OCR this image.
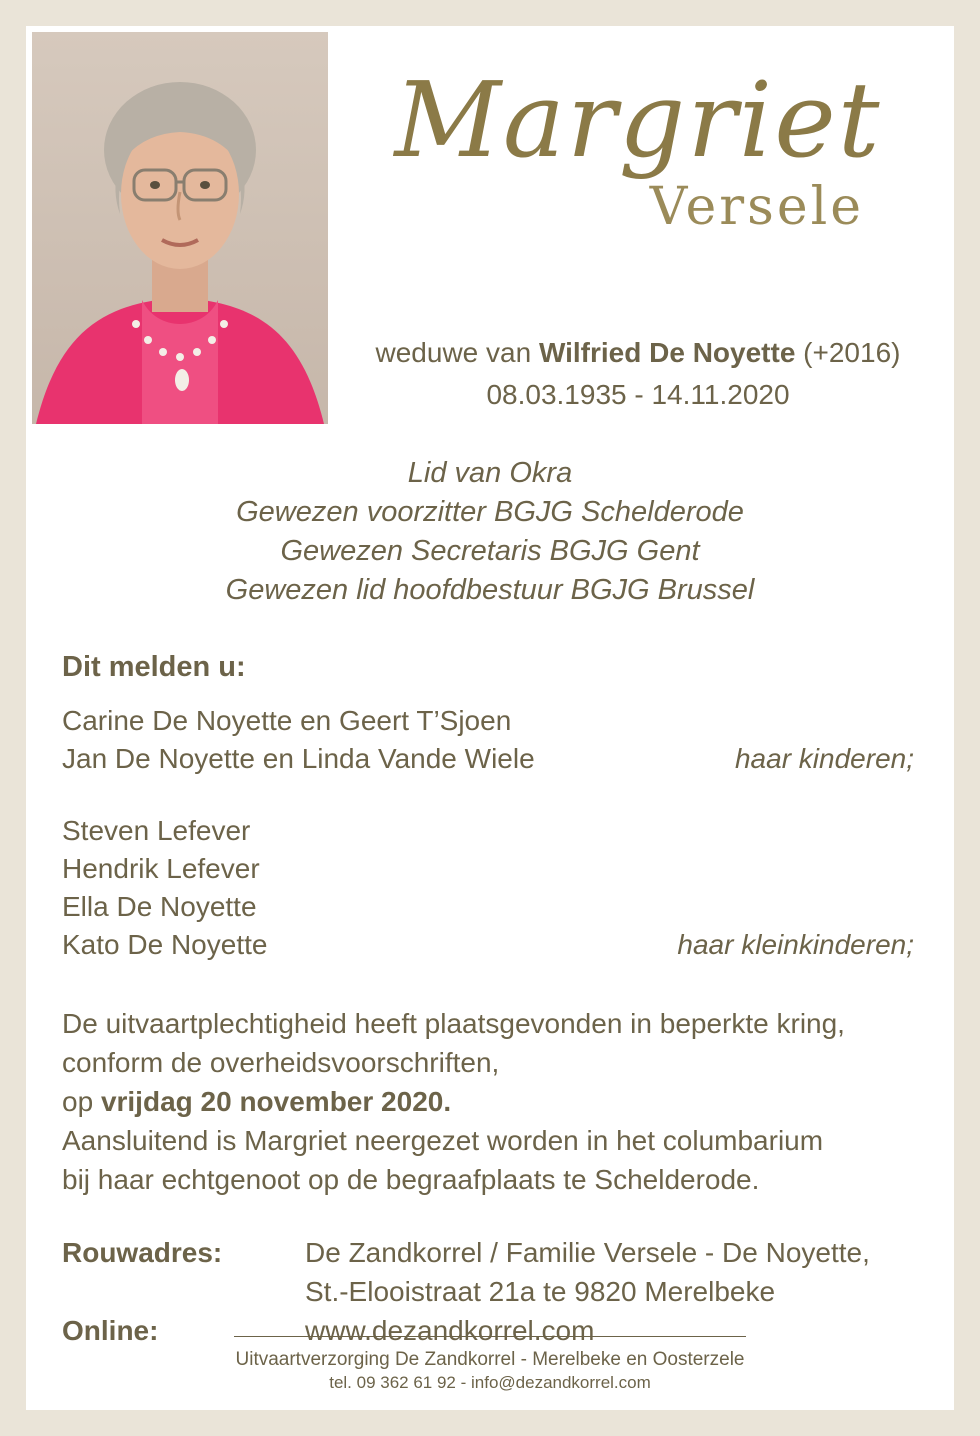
Margriet
Versele
weduwe van Wilfried De Noyette (+2016)
08.03.1935 - 14.11.2020
Lid van Okra
Gewezen voorzitter BGJG Schelderode
Gewezen Secretaris BGJG Gent
Gewezen lid hoofdbestuur BGJG Brussel
Dit melden u:
Carine De Noyette en Geert T’Sjoen
Jan De Noyette en Linda Vande Wiele	haar kinderen;
Steven Lefever
Hendrik Lefever
Ella De Noyette
Kato De Noyette	haar kleinkinderen;
De uitvaartplechtigheid heeft plaatsgevonden in beperkte kring,
conform de overheidsvoorschriften,
op vrijdag 20 november 2020.
Aansluitend is Margriet neergezet worden in het columbarium
bij haar echtgenoot op de begraafplaats te Schelderode.
Rouwadres:	De Zandkorrel / Familie Versele - De Noyette,
St.-Elooistraat 21a te 9820 Merelbeke
Online:	www.dezandkorrel.com
Uitvaartverzorging De Zandkorrel - Merelbeke en Oosterzele
tel. 09 362 61 92 - info@dezandkorrel.com
